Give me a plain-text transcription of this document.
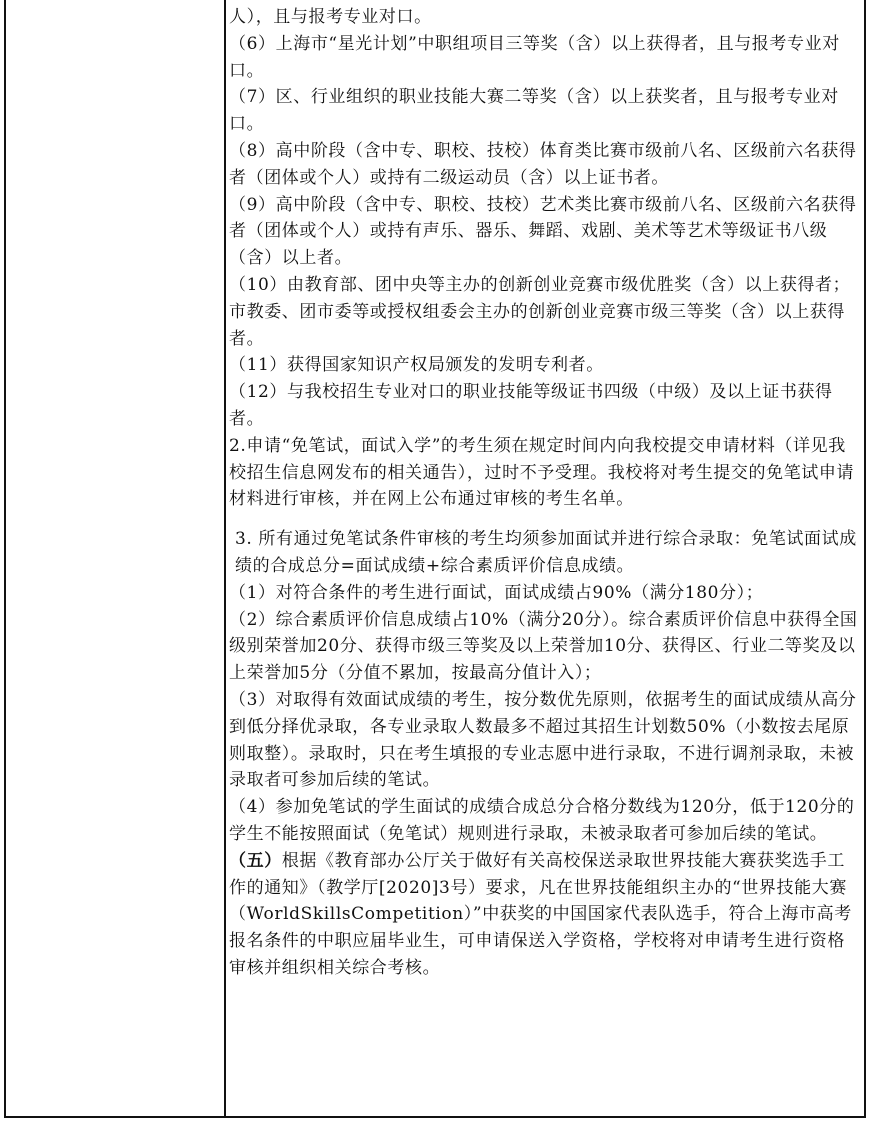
人），且与报考专业对口。

（6）上海市“星光计划”中职组项目三等奖（含）以上获得者，且与报考专业对口。

（7）区、行业组织的职业技能大赛二等奖（含）以上获奖者，且与报考专业对口。

（8）高中阶段（含中专、职校、技校）体育类比赛市级前八名、区级前六名获得者（团体或个人）或持有二级运动员（含）以上证书者。

（9）高中阶段（含中专、职校、技校）艺术类比赛市级前八名、区级前六名获得者（团体或个人）或持有声乐、器乐、舞蹈、戏剧、美术等艺术等级证书八级（含）以上者。

（10）由教育部、团中央等主办的创新创业竞赛市级优胜奖（含）以上获得者；市教委、团市委等或授权组委会主办的创新创业竞赛市级三等奖（含）以上获得者。

（11）获得国家知识产权局颁发的发明专利者。

（12）与我校招生专业对口的职业技能等级证书四级（中级）及以上证书获得者。

2.申请“免笔试，面试入学”的考生须在规定时间内向我校提交申请材料（详见我校招生信息网发布的相关通告），过时不予受理。我校将对考生提交的免笔试申请材料进行审核，并在网上公布通过审核的考生名单。

3. 所有通过免笔试条件审核的考生均须参加面试并进行综合录取：免笔试面试成绩的合成总分=面试成绩+综合素质评价信息成绩。

（1）对符合条件的考生进行面试，面试成绩占90%（满分180分）；

（2）综合素质评价信息成绩占10%（满分20分）。综合素质评价信息中获得全国级别荣誉加20分、获得市级三等奖及以上荣誉加10分、获得区、行业二等奖及以上荣誉加5分（分值不累加，按最高分值计入）；

（3）对取得有效面试成绩的考生，按分数优先原则，依据考生的面试成绩从高分到低分择优录取，各专业录取人数最多不超过其招生计划数50%（小数按去尾原则取整）。录取时，只在考生填报的专业志愿中进行录取，不进行调剂录取，未被录取者可参加后续的笔试。

（4）参加免笔试的学生面试的成绩合成总分合格分数线为120分，低于120分的学生不能按照面试（免笔试）规则进行录取，未被录取者可参加后续的笔试。

（五）根据《教育部办公厅关于做好有关高校保送录取世界技能大赛获奖选手工作的通知》（教学厅[2020]3号）要求，凡在世界技能组织主办的“世界技能大赛（WorldSkillsCompetition）”中获奖的中国国家代表队选手，符合上海市高考报名条件的中职应届毕业生，可申请保送入学资格，学校将对申请考生进行资格审核并组织相关综合考核。
